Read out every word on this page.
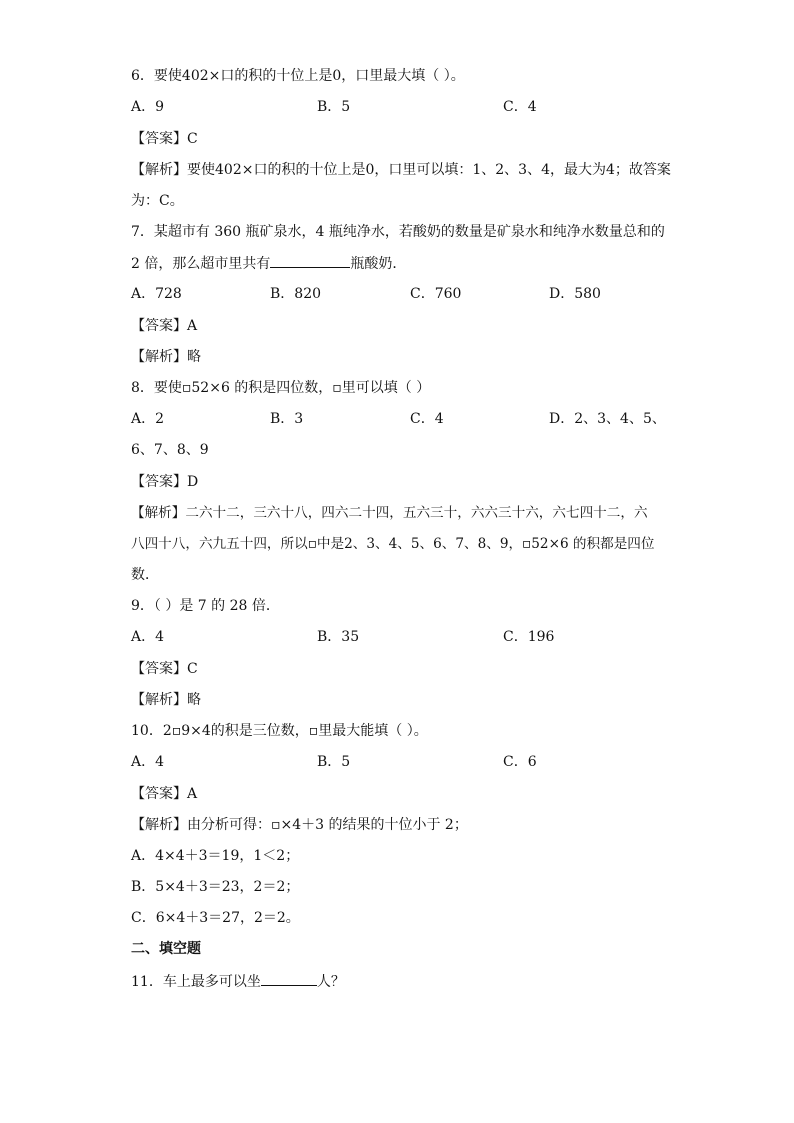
6．要使402×口的积的十位上是0，口里最大填（ ）。
A．9	B．5	C．4
【答案】C
【解析】要使402×口的积的十位上是0，口里可以填：1、2、3、4，最大为4；故答案
为：C。
7．某超市有 360 瓶矿泉水，4 瓶纯净水，若酸奶的数量是矿泉水和纯净水数量总和的
2 倍，那么超市里共有	瓶酸奶．
A．728	B．820	C．760	D．580
【答案】A
【解析】略
8．要使▫52×6 的积是四位数，▫里可以填（ ）
A．2	B．3	C．4	D．2、3、4、5、
6、7、8、9
【答案】D
【解析】二六十二，三六十八，四六二十四，五六三十，六六三十六，六七四十二，六
八四十八，六九五十四，所以▫中是2、3、4、5、6、7、8、9，▫52×6 的积都是四位
数．
9．（ ）是 7 的 28 倍．
A．4	B．35	C．196
【答案】C
【解析】略
10．2▫9×4的积是三位数，▫里最大能填（ ）。
A．4	B．5	C．6
【答案】A
【解析】由分析可得：▫×4＋3 的结果的十位小于 2；
A．4×4＋3＝19，1＜2；
B．5×4＋3＝23，2＝2；
C．6×4＋3＝27，2＝2。
二、填空题
11．车上最多可以坐	人？
